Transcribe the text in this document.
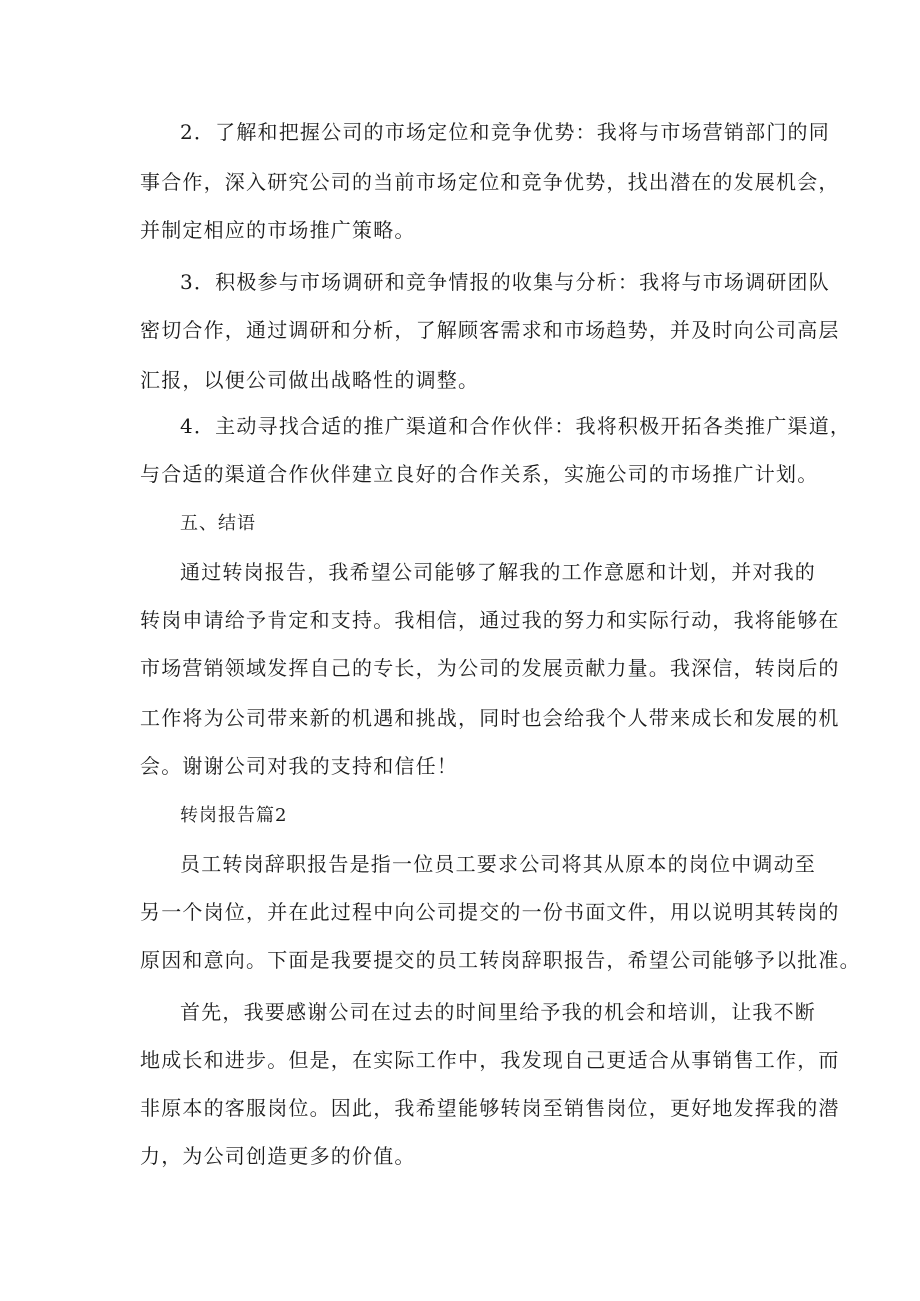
2．了解和把握公司的市场定位和竞争优势：我将与市场营销部门的同
事合作，深入研究公司的当前市场定位和竞争优势，找出潜在的发展机会，
并制定相应的市场推广策略。
3．积极参与市场调研和竞争情报的收集与分析：我将与市场调研团队
密切合作，通过调研和分析，了解顾客需求和市场趋势，并及时向公司高层
汇报，以便公司做出战略性的调整。
4．主动寻找合适的推广渠道和合作伙伴：我将积极开拓各类推广渠道，
与合适的渠道合作伙伴建立良好的合作关系，实施公司的市场推广计划。
五、结语
通过转岗报告，我希望公司能够了解我的工作意愿和计划，并对我的
转岗申请给予肯定和支持。我相信，通过我的努力和实际行动，我将能够在
市场营销领域发挥自己的专长，为公司的发展贡献力量。我深信，转岗后的
工作将为公司带来新的机遇和挑战，同时也会给我个人带来成长和发展的机
会。谢谢公司对我的支持和信任！
转岗报告篇2
员工转岗辞职报告是指一位员工要求公司将其从原本的岗位中调动至
另一个岗位，并在此过程中向公司提交的一份书面文件，用以说明其转岗的
原因和意向。下面是我要提交的员工转岗辞职报告，希望公司能够予以批准。
首先，我要感谢公司在过去的时间里给予我的机会和培训，让我不断
地成长和进步。但是，在实际工作中，我发现自己更适合从事销售工作，而
非原本的客服岗位。因此，我希望能够转岗至销售岗位，更好地发挥我的潜
力，为公司创造更多的价值。
